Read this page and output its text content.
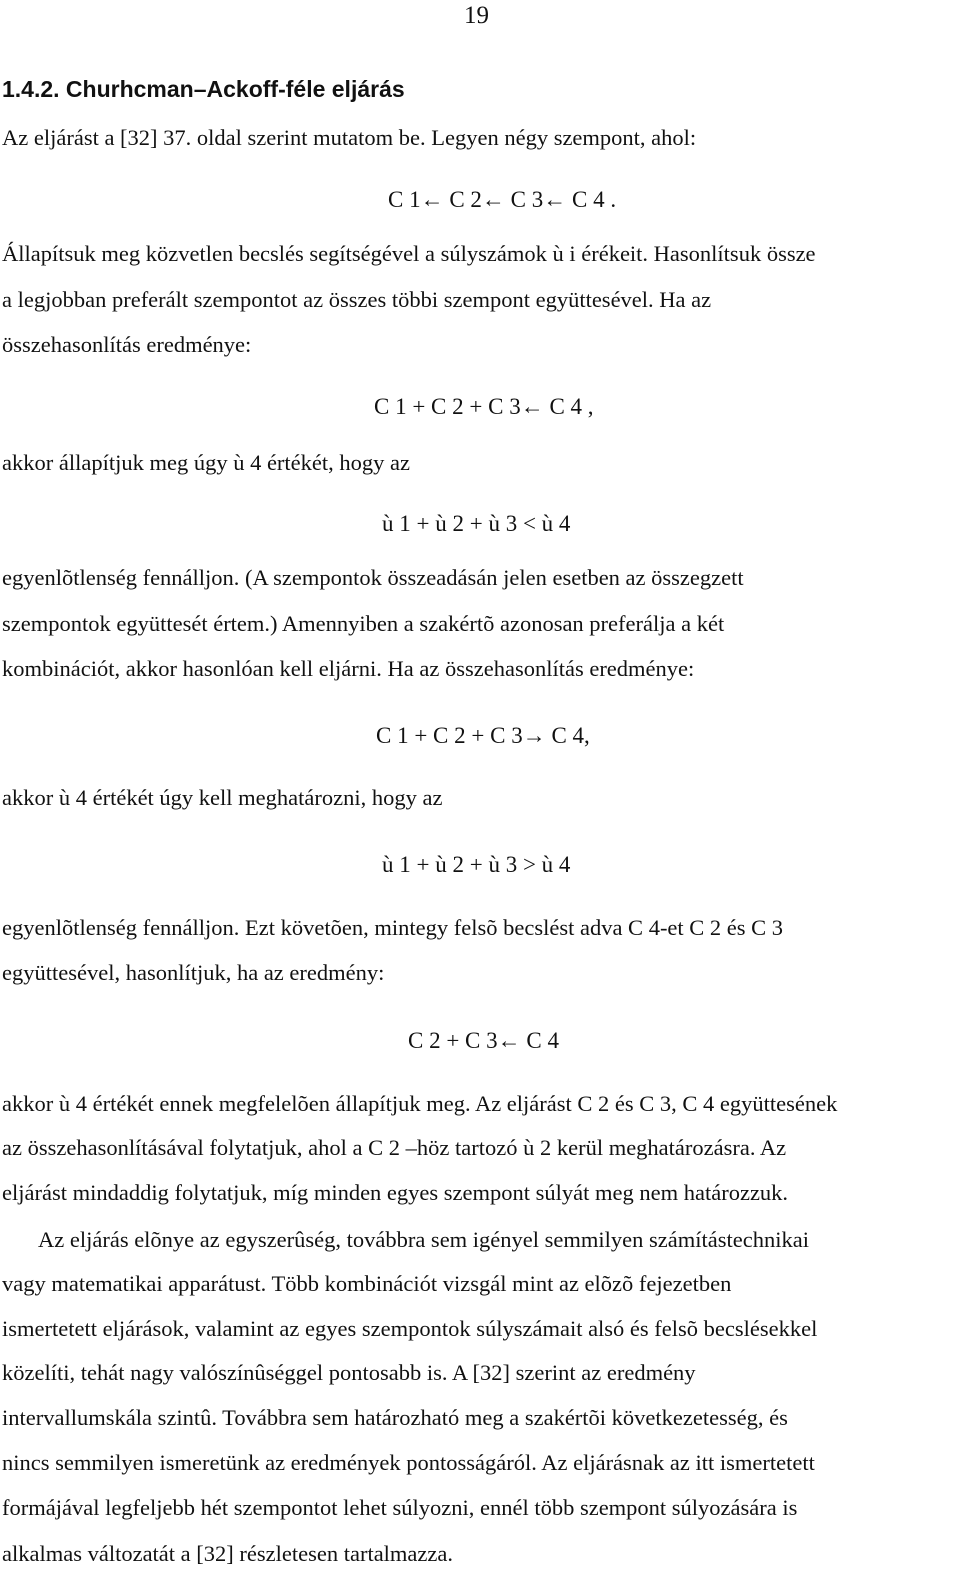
19
1.4.2. Churhcman–Ackoff-féle eljárás
Az eljárást a [32] 37. oldal szerint mutatom be. Legyen négy szempont, ahol:
C 1← C 2← C 3← C 4 .
Állapítsuk meg közvetlen becslés segítségével a súlyszámok ù i érékeit. Hasonlítsuk össze
a legjobban preferált szempontot az összes többi szempont együttesével. Ha az
összehasonlítás eredménye:
C 1 + C 2 + C 3← C 4 ,
akkor állapítjuk meg úgy ù 4 értékét, hogy az
ù 1 + ù 2 + ù 3 < ù 4
egyenlõtlenség fennálljon. (A szempontok összeadásán jelen esetben az összegzett
szempontok együttesét értem.) Amennyiben a szakértõ azonosan preferálja a két
kombinációt, akkor hasonlóan kell eljárni. Ha az összehasonlítás eredménye:
C 1 + C 2 + C 3→ C 4,
akkor ù 4 értékét úgy kell meghatározni, hogy az
ù 1 + ù 2 + ù 3 > ù 4
egyenlõtlenség fennálljon. Ezt követõen, mintegy felsõ becslést adva C 4-et C 2 és C 3
együttesével, hasonlítjuk, ha az eredmény:
C 2 + C 3← C 4
akkor ù 4 értékét ennek megfelelõen állapítjuk meg. Az eljárást C 2 és C 3, C 4 együttesének
az összehasonlításával folytatjuk, ahol a C 2 –höz tartozó ù 2 kerül meghatározásra. Az
eljárást mindaddig folytatjuk, míg minden egyes szempont súlyát meg nem határozzuk.
Az eljárás elõnye az egyszerûség, továbbra sem igényel semmilyen számítástechnikai
vagy matematikai apparátust. Több kombinációt vizsgál mint az elõzõ fejezetben
ismertetett eljárások, valamint az egyes szempontok súlyszámait alsó és felsõ becslésekkel
közelíti, tehát nagy valószínûséggel pontosabb is. A [32] szerint az eredmény
intervallumskála szintû. Továbbra sem határozható meg a szakértõi következetesség, és
nincs semmilyen ismeretünk az eredmények pontosságáról. Az eljárásnak az itt ismertetett
formájával legfeljebb hét szempontot lehet súlyozni, ennél több szempont súlyozására is
alkalmas változatát a [32] részletesen tartalmazza.
